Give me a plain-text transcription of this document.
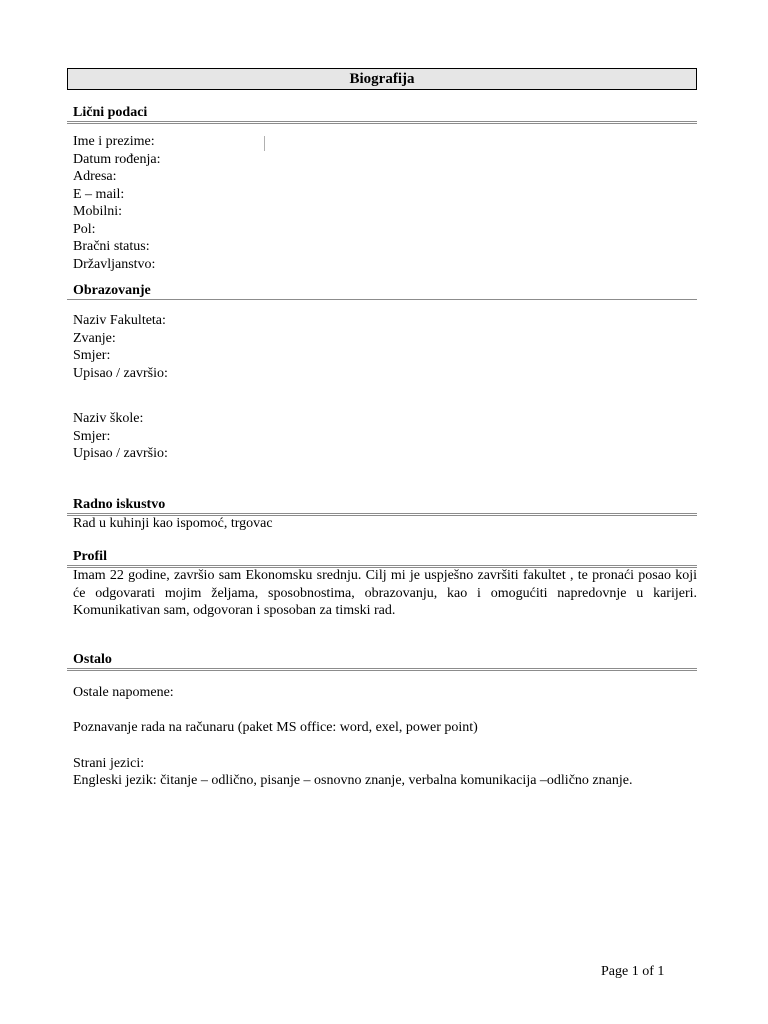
Biografija
Lični podaci
Ime i prezime:
Datum rođenja:
Adresa:
E – mail:
Mobilni:
Pol:
Bračni status:
Državljanstvo:
Obrazovanje
Naziv Fakulteta:
Zvanje:
Smjer:
Upisao / završio:
Naziv škole:
Smjer:
Upisao / završio:
Radno iskustvo
Rad u kuhinji kao ispomoć, trgovac
Profil
Imam 22 godine, završio sam Ekonomsku srednju. Cilj mi je uspješno završiti fakultet , te pronaći posao koji će odgovarati mojim željama, sposobnostima, obrazovanju, kao i omogućiti napredovnje u karijeri. Komunikativan sam, odgovoran i sposoban za timski rad.
Ostalo
Ostale napomene:
Poznavanje rada na računaru (paket MS office: word, exel, power point)
Strani jezici:
Engleski jezik: čitanje – odlično, pisanje – osnovno znanje, verbalna komunikacija –odlično znanje.
Page 1 of 1
